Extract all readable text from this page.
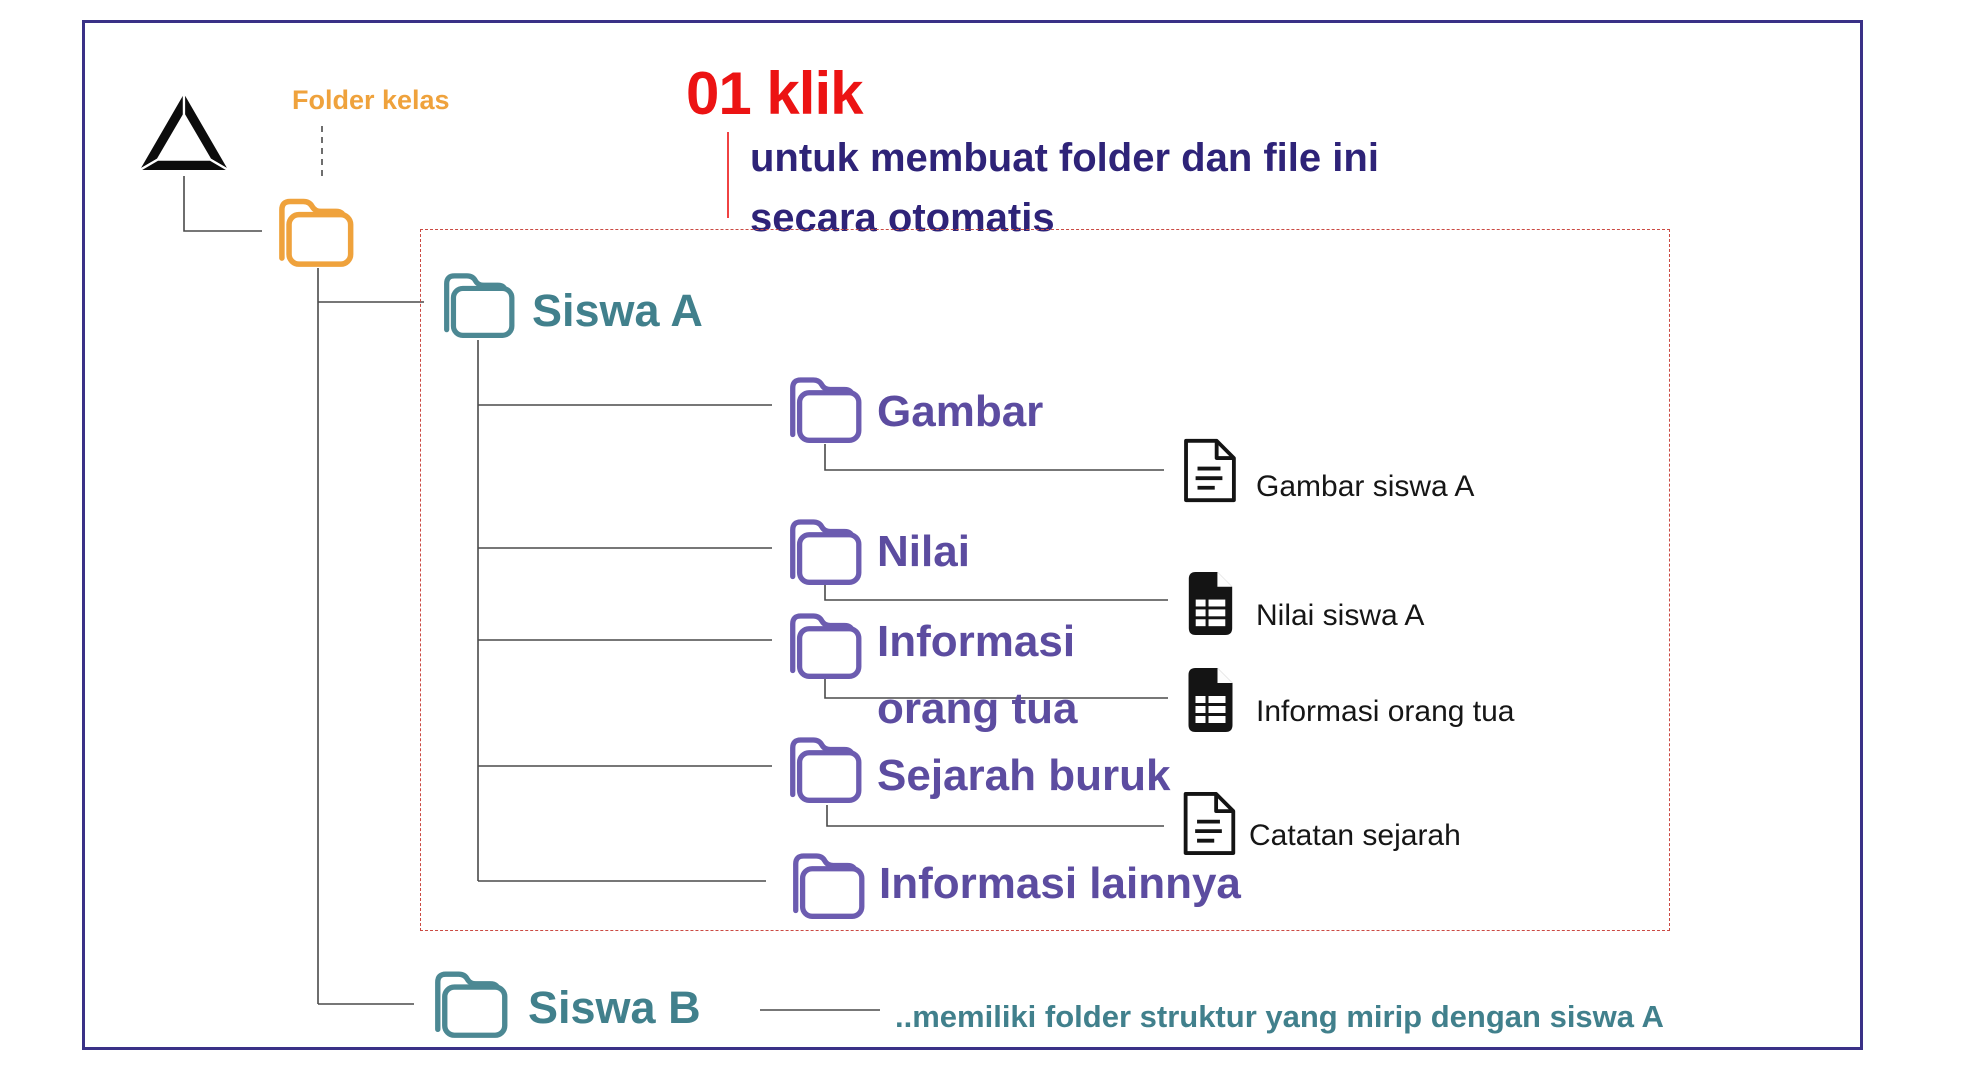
Folder kelas	01 klik
untuk membuat folder dan file ini
secara otomatis
Siswa A
Gambar
Nilai
Informasi
orang tua
Sejarah buruk
Informasi lainnya
Gambar siswa A
Nilai siswa A
Informasi orang tua
Catatan sejarah
Siswa B	..memiliki folder struktur yang mirip dengan siswa A
